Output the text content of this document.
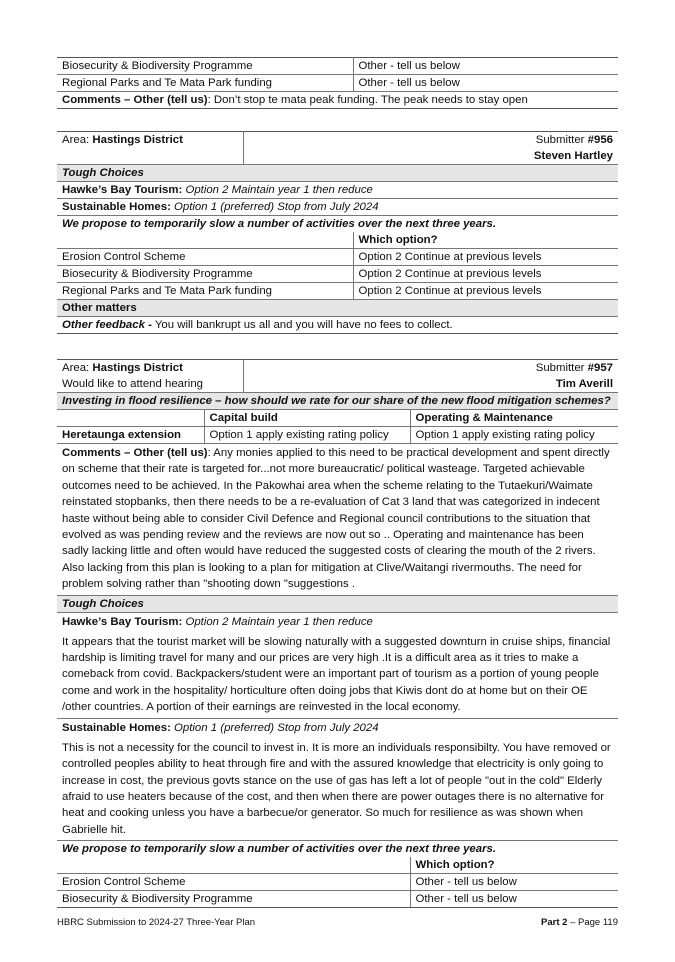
Biosecurity & Biodiversity Programme	Other - tell us below
Regional Parks and Te Mata Park funding	Other - tell us below
Comments – Other (tell us): Don’t stop te mata peak funding. The peak needs to stay open	
Area: Hastings District	Submitter #956
Steven Hartley	
Tough Choices		
Hawke’s Bay Tourism: Option 2 Maintain year 1 then reduce		
Sustainable Homes: Option 1 (preferred) Stop from July 2024		
We propose to temporarily slow a number of activities over the next three years.		
		Which option?
Erosion Control Scheme		Option 2 Continue at previous levels
Biosecurity & Biodiversity Programme		Option 2 Continue at previous levels
Regional Parks and Te Mata Park funding		Option 2 Continue at previous levels
Other matters		
Other feedback - You will bankrupt us all and you will have no fees to collect.		
Area: Hastings District
Would like to attend hearing		Submitter #957
Tim Averill	
Investing in flood resilience – how should we rate for our share of the new flood mitigation schemes?			
	Capital build		Operating & Maintenance
Heretaunga extension	Option 1 apply existing rating policy		Option 1 apply existing rating policy
Comments – Other (tell us): Any monies applied to this need to be practical development and spent directly on scheme that their rate is targeted for...not more bureaucratic/ political wasteage. Targeted achievable outcomes need to be achieved. In the Pakowhai area when the scheme relating to the Tutaekuri/Waimate reinstated stopbanks, then there needs to be a re-evaluation of Cat 3 land that was categorized in indecent haste without being able to consider Civil Defence and Regional council contributions to the situation that evolved as was pending review and the reviews are now out so .. Operating and maintenance has been sadly lacking little and often would have reduced the suggested costs of clearing the mouth of the 2 rivers. Also lacking from this plan is looking to a plan for mitigation at Clive/Waitangi rivermouths. The need for problem solving rather than "shooting down "suggestions .			
Tough Choices			
Hawke’s Bay Tourism: Option 2 Maintain year 1 then reduce			
It appears that the tourist market will be slowing naturally with a suggested downturn in cruise ships, financial hardship is limiting travel for many and our prices are very high .It is a difficult area as it tries to make a comeback from covid. Backpackers/student were an important part of tourism as a portion of young people come and work in the hospitality/ horticulture often doing jobs that Kiwis dont do at home but on their OE /other countries. A portion of their earnings are reinvested in the local economy.			
Sustainable Homes: Option 1 (preferred) Stop from July 2024			
This is not a necessity for the council to invest in. It is more an individuals responsibilty. You have removed or controlled peoples ability to heat through fire and with the assured knowledge that electricity is only going to increase in cost, the previous govts stance on the use of gas has left a lot of people "out in the cold" Elderly afraid to use heaters because of the cost, and then when there are power outages there is no alternative for heat and cooking unless you have a barbecue/or generator. So much for resilience as was shown when Gabrielle hit.			
We propose to temporarily slow a number of activities over the next three years.			
			Which option?
Erosion Control Scheme			Other - tell us below
Biosecurity & Biodiversity Programme			Other - tell us below
HBRC Submission to 2024-27 Three-Year Plan	Part 2 – Page 119
